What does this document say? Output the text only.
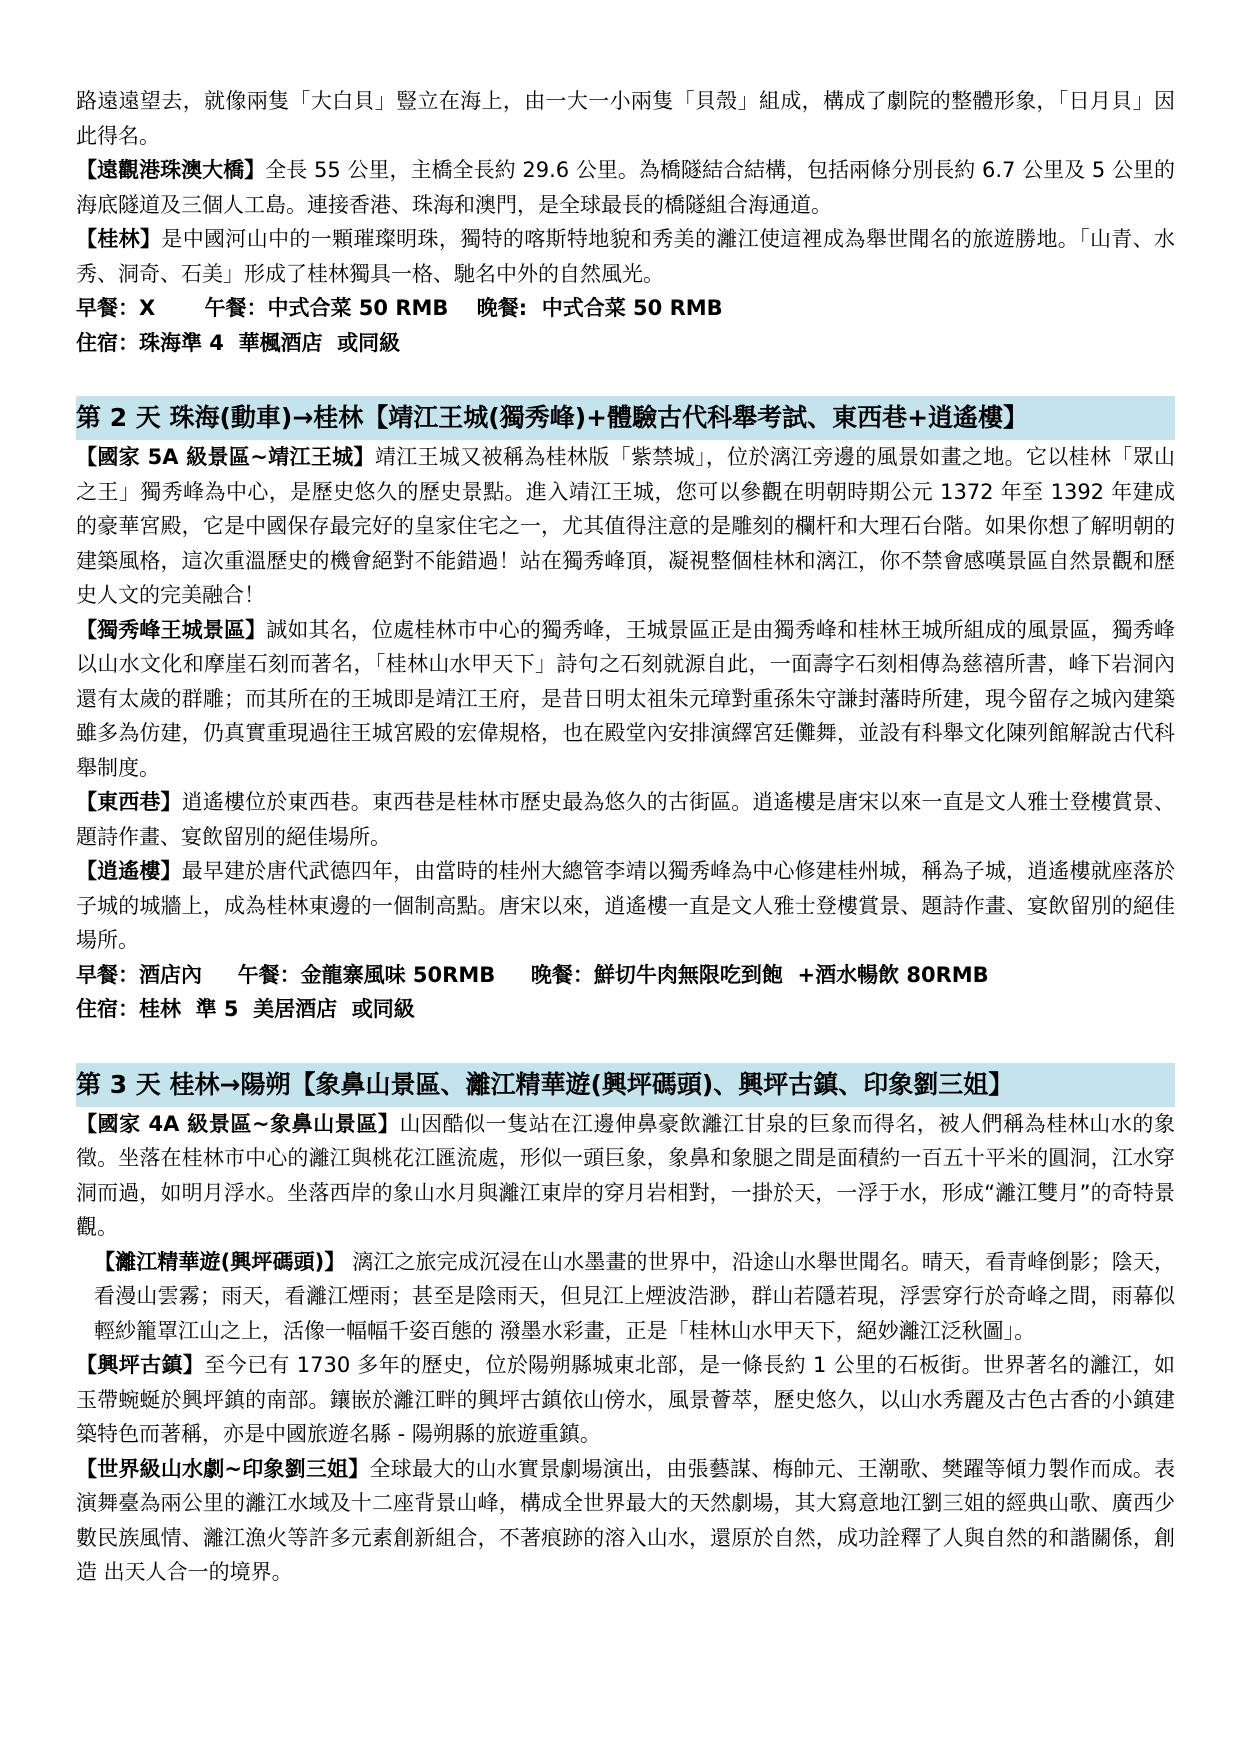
路遠遠望去，就像兩隻「大白貝」豎立在海上，由一大一小兩隻「貝殼」組成，構成了劇院的整體形象，「日月貝」因此得名。

【遠觀港珠澳大橋】全長 55 公里，主橋全長約 29.6 公里。為橋隧結合結構，包括兩條分別長約 6.7 公里及 5 公里的海底隧道及三個人工島。連接香港、珠海和澳門，是全球最長的橋隧組合海通道。

【桂林】是中國河山中的一顆璀璨明珠，獨特的喀斯特地貌和秀美的灕江使這裡成為舉世聞名的旅遊勝地。「山青、水秀、洞奇、石美」形成了桂林獨具一格、馳名中外的自然風光。

早餐：X　　 午餐：中式合菜 50 RMB　 晚餐:  中式合菜 50 RMB

住宿：珠海準 4  華楓酒店  或同級

第 2 天 珠海(動車)→桂林【靖江王城(獨秀峰)+體驗古代科舉考試、東西巷+逍遙樓】

【國家 5A 級景區~靖江王城】靖江王城又被稱為桂林版「紫禁城」，位於漓江旁邊的風景如畫之地。它以桂林「眾山之王」獨秀峰為中心，是歷史悠久的歷史景點。進入靖江王城，您可以參觀在明朝時期公元 1372 年至 1392 年建成的豪華宮殿，它是中國保存最完好的皇家住宅之一，尤其值得注意的是雕刻的欄杆和大理石台階。如果你想了解明朝的建築風格，這次重溫歷史的機會絕對不能錯過！站在獨秀峰頂，凝視整個桂林和漓江，你不禁會感嘆景區自然景觀和歷史人文的完美融合！

【獨秀峰王城景區】誠如其名，位處桂林市中心的獨秀峰，王城景區正是由獨秀峰和桂林王城所組成的風景區，獨秀峰以山水文化和摩崖石刻而著名，「桂林山水甲天下」詩句之石刻就源自此，一面壽字石刻相傳為慈禧所書，峰下岩洞內還有太歲的群雕；而其所在的王城即是靖江王府，是昔日明太祖朱元璋對重孫朱守謙封藩時所建，現今留存之城內建築雖多為仿建，仍真實重現過往王城宮殿的宏偉規格，也在殿堂內安排演繹宮廷儺舞，並設有科舉文化陳列館解說古代科舉制度。

【東西巷】逍遙樓位於東西巷。東西巷是桂林市歷史最為悠久的古街區。逍遙樓是唐宋以來一直是文人雅士登樓賞景、題詩作畫、宴飲留別的絕佳場所。

【逍遙樓】最早建於唐代武德四年，由當時的桂州大總管李靖以獨秀峰為中心修建桂州城，稱為子城，逍遙樓就座落於子城的城牆上，成為桂林東邊的一個制高點。唐宋以來，逍遙樓一直是文人雅士登樓賞景、題詩作畫、宴飲留別的絕佳場所。

早餐：酒店內　  午餐：金龍寨風味 50RMB 　 晚餐：鮮切牛肉無限吃到飽  +酒水暢飲 80RMB

住宿：桂林  準 5  美居酒店  或同級

第 3 天 桂林→陽朔【象鼻山景區、灕江精華遊(興坪碼頭)、興坪古鎮、印象劉三姐】

【國家 4A 級景區~象鼻山景區】山因酷似一隻站在江邊伸鼻豪飲灕江甘泉的巨象而得名，被人們稱為桂林山水的象徵。坐落在桂林市中心的灕江與桃花江匯流處，形似一頭巨象，象鼻和象腿之間是面積約一百五十平米的圓洞，江水穿洞而過，如明月浮水。坐落西岸的象山水月與灕江東岸的穿月岩相對，一掛於天，一浮于水，形成“灕江雙月”的奇特景觀。

【灕江精華遊(興坪碼頭)】 漓江之旅完成沉浸在山水墨畫的世界中，沿途山水舉世聞名。晴天，看青峰倒影；陰天，看漫山雲霧；雨天，看灕江煙雨；甚至是陰雨天，但見江上煙波浩渺，群山若隱若現，浮雲穿行於奇峰之間，雨幕似輕紗籠罩江山之上，活像一幅幅千姿百態的 潑墨水彩畫，正是「桂林山水甲天下，絕妙灕江泛秋圖」。

【興坪古鎮】至今已有 1730 多年的歷史，位於陽朔縣城東北部，是一條長約 1 公里的石板街。世界著名的灕江，如玉帶蜿蜒於興坪鎮的南部。鑲嵌於灕江畔的興坪古鎮依山傍水，風景薈萃，歷史悠久，以山水秀麗及古色古香的小鎮建築特色而著稱，亦是中國旅遊名縣 - 陽朔縣的旅遊重鎮。

【世界級山水劇~印象劉三姐】全球最大的山水實景劇場演出，由張藝謀、梅帥元、王潮歌、樊躍等傾力製作而成。表演舞臺為兩公里的灕江水域及十二座背景山峰，構成全世界最大的天然劇場，其大寫意地江劉三姐的經典山歌、廣西少數民族風情、灕江漁火等許多元素創新組合，不著痕跡的溶入山水，還原於自然，成功詮釋了人與自然的和諧關係，創造 出天人合一的境界。
